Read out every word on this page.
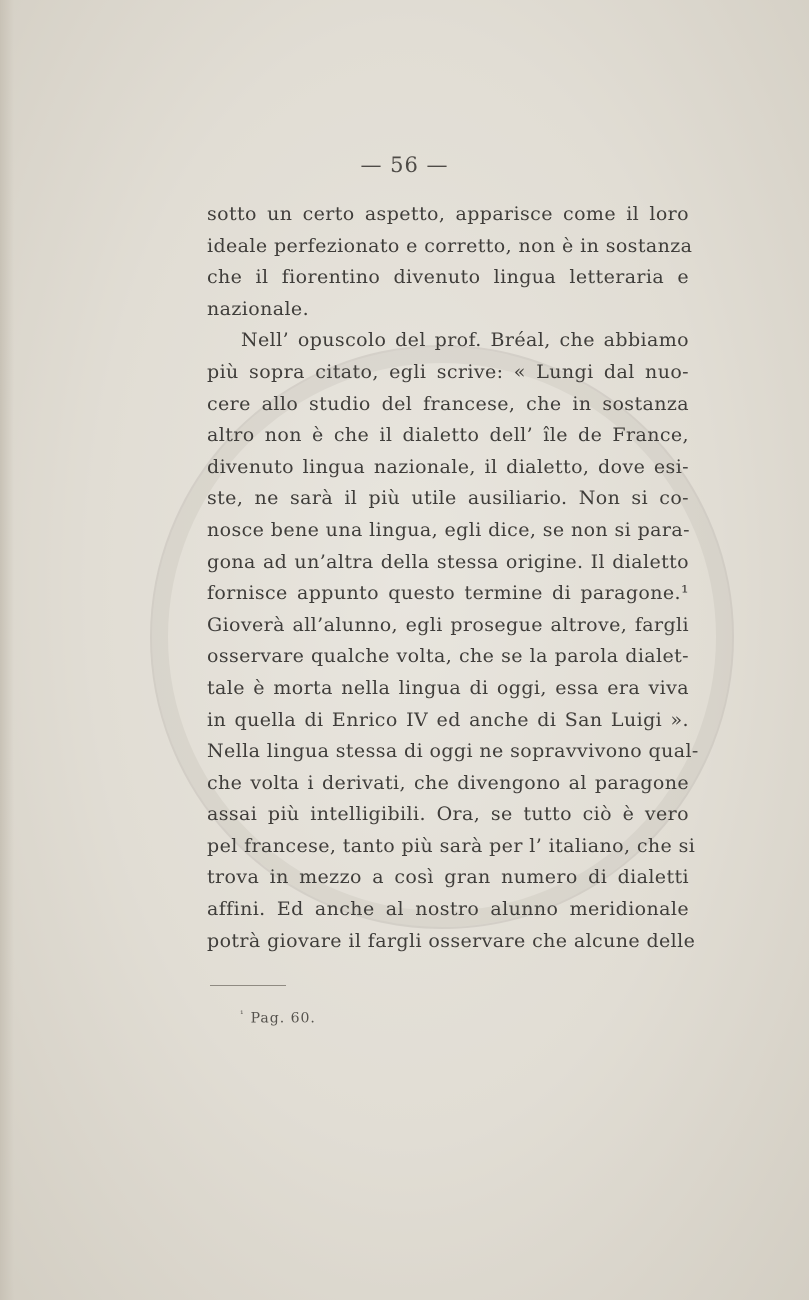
— 56 —
sotto un certo aspetto, apparisce come il loro
ideale perfezionato e corretto, non è in sostanza
che il fiorentino divenuto lingua letteraria e
nazionale.
Nell’ opuscolo del prof. Bréal, che abbiamo
più sopra citato, egli scrive: « Lungi dal nuo-
cere allo studio del francese, che in sostanza
altro non è che il dialetto dell’ île de France,
divenuto lingua nazionale, il dialetto, dove esi-
ste, ne sarà il più utile ausiliario. Non si co-
nosce bene una lingua, egli dice, se non si para-
gona ad un’altra della stessa origine. Il dialetto
fornisce appunto questo termine di paragone.¹
Gioverà all’alunno, egli prosegue altrove, fargli
osservare qualche volta, che se la parola dialet-
tale è morta nella lingua di oggi, essa era viva
in quella di Enrico IV ed anche di San Luigi ».
Nella lingua stessa di oggi ne sopravvivono qual-
che volta i derivati, che divengono al paragone
assai più intelligibili. Ora, se tutto ciò è vero
pel francese, tanto più sarà per l’ italiano, che si
trova in mezzo a così gran numero di dialetti
affini. Ed anche al nostro alunno meridionale
potrà giovare il fargli osservare che alcune delle
$^{^1}$ Pag. 60.
